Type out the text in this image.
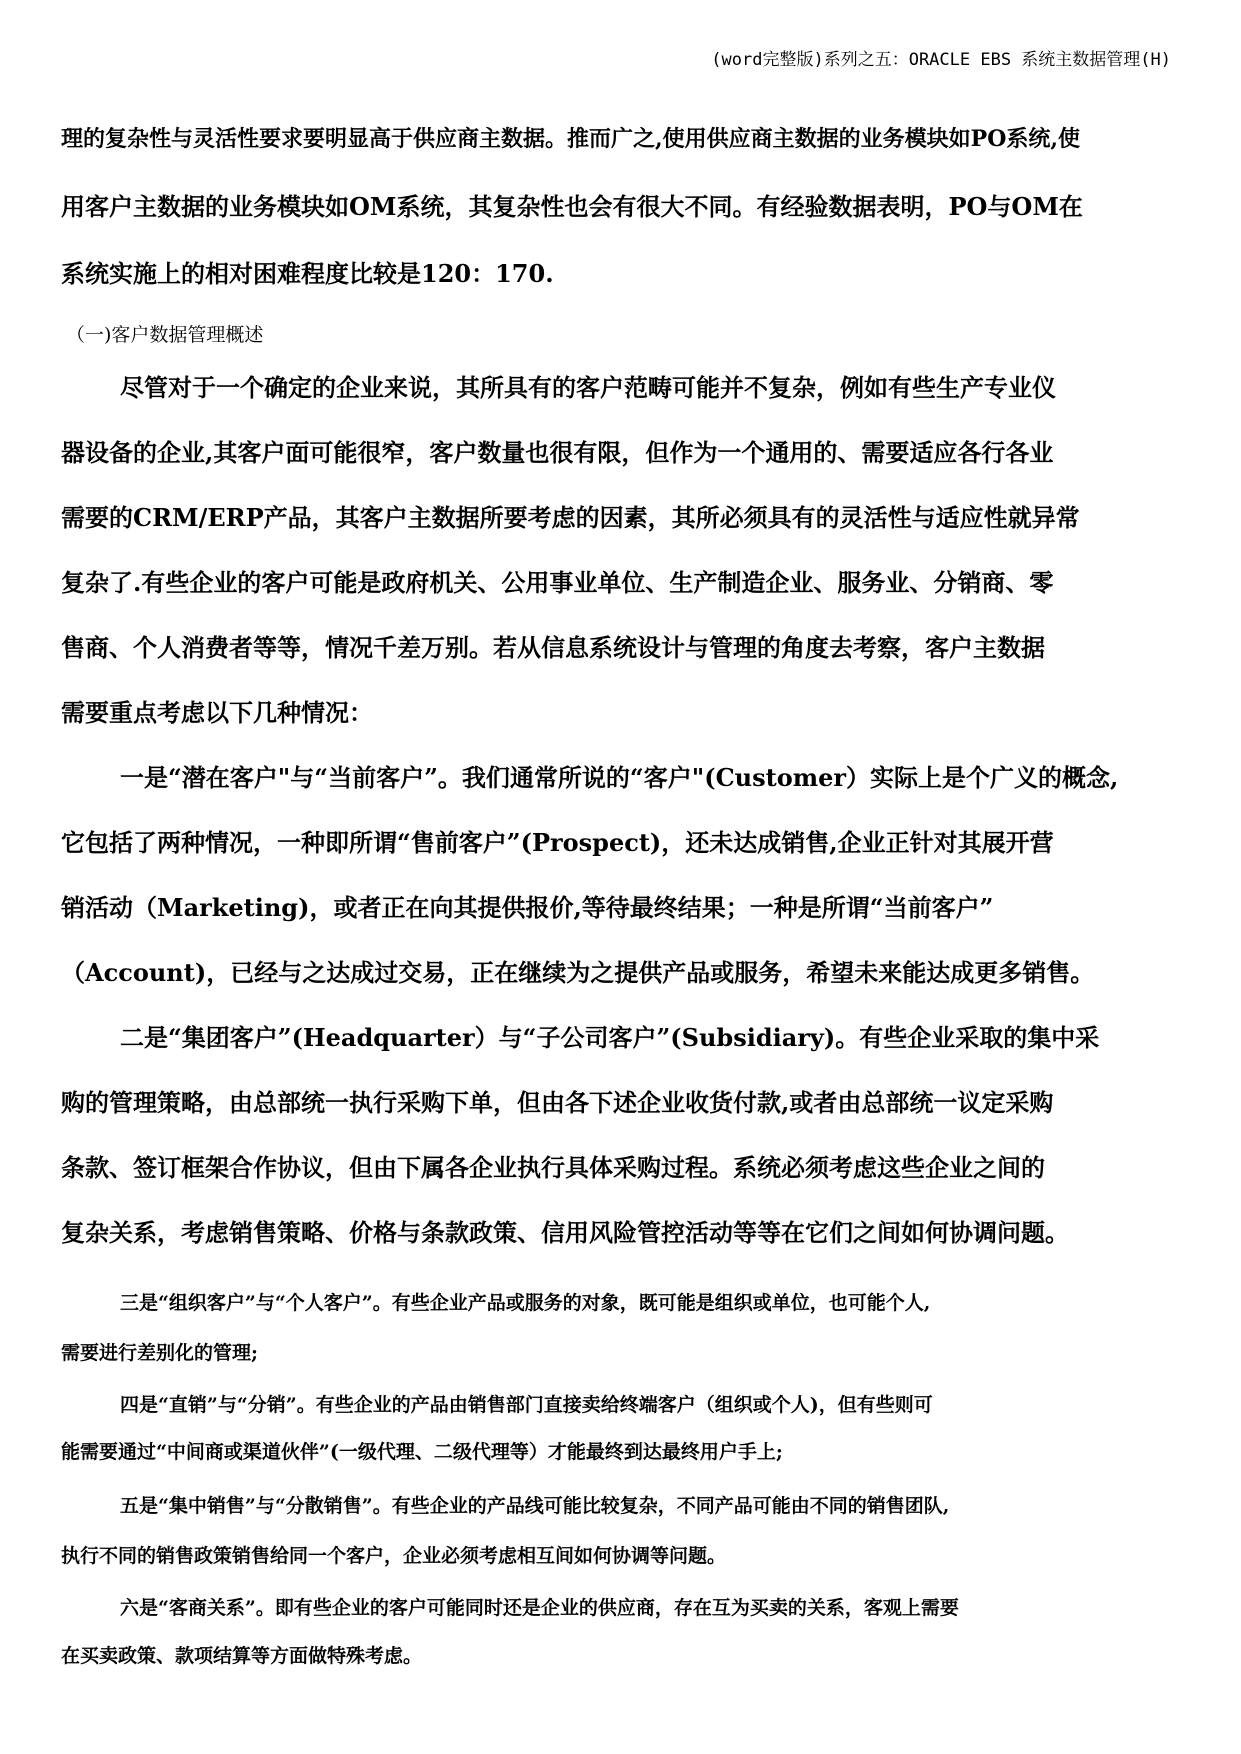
(word完整版)系列之五：ORACLE EBS 系统主数据管理(H)
理的复杂性与灵活性要求要明显高于供应商主数据。推而广之,使用供应商主数据的业务模块如PO系统,使
用客户主数据的业务模块如OM系统，其复杂性也会有很大不同。有经验数据表明，PO与OM在
系统实施上的相对困难程度比较是120：170.
（一)客户数据管理概述
尽管对于一个确定的企业来说，其所具有的客户范畴可能并不复杂，例如有些生产专业仪
器设备的企业,其客户面可能很窄，客户数量也很有限，但作为一个通用的、需要适应各行各业
需要的CRM/ERP产品，其客户主数据所要考虑的因素，其所必须具有的灵活性与适应性就异常
复杂了.有些企业的客户可能是政府机关、公用事业单位、生产制造企业、服务业、分销商、零
售商、个人消费者等等，情况千差万别。若从信息系统设计与管理的角度去考察，客户主数据
需要重点考虑以下几种情况：
一是“潜在客户"与“当前客户”。我们通常所说的“客户"(Customer）实际上是个广义的概念,
它包括了两种情况，一种即所谓“售前客户”(Prospect)，还未达成销售,企业正针对其展开营
销活动（Marketing)，或者正在向其提供报价,等待最终结果；一种是所谓“当前客户”
（Account)，已经与之达成过交易，正在继续为之提供产品或服务，希望未来能达成更多销售。
二是“集团客户”(Headquarter）与“子公司客户”(Subsidiary)。有些企业采取的集中采
购的管理策略，由总部统一执行采购下单，但由各下述企业收货付款,或者由总部统一议定采购
条款、签订框架合作协议，但由下属各企业执行具体采购过程。系统必须考虑这些企业之间的
复杂关系，考虑销售策略、价格与条款政策、信用风险管控活动等等在它们之间如何协调问题。
三是“组织客户”与“个人客户”。有些企业产品或服务的对象，既可能是组织或单位，也可能个人,
需要进行差别化的管理;
四是“直销”与“分销”。有些企业的产品由销售部门直接卖给终端客户（组织或个人)，但有些则可
能需要通过“中间商或渠道伙伴”(一级代理、二级代理等）才能最终到达最终用户手上;
五是“集中销售”与“分散销售”。有些企业的产品线可能比较复杂，不同产品可能由不同的销售团队,
执行不同的销售政策销售给同一个客户，企业必须考虑相互间如何协调等问题。
六是“客商关系”。即有些企业的客户可能同时还是企业的供应商，存在互为买卖的关系，客观上需要
在买卖政策、款项结算等方面做特殊考虑。
